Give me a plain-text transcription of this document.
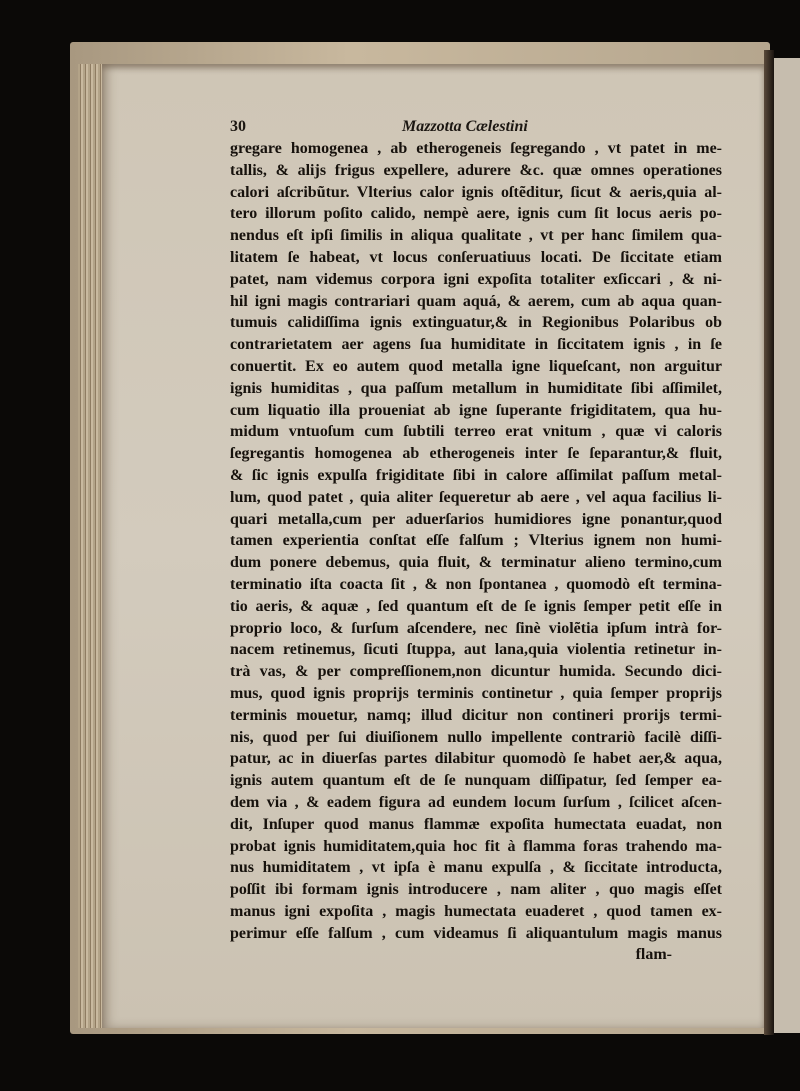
30	Mazzotta Cælestini
gregare homogenea , ab etherogeneis ſegregando , vt patet in me-
tallis, & alijs frigus expellere, adurere &c. quæ omnes operationes
calori aſcribũtur. Vlterius calor ignis oſtẽditur, ſicut & aeris,quia al-
tero illorum poſito calido, nempè aere, ignis cum ſit locus aeris po-
nendus eſt ipſi ſimilis in aliqua qualitate , vt per hanc ſimilem qua-
litatem ſe habeat, vt locus conſeruatiuus locati. De ſiccitate etiam
patet, nam videmus corpora igni expoſita totaliter exſiccari , & ni-
hil igni magis contrariari quam aquá, & aerem, cum ab aqua quan-
tumuis calidiſſima ignis extinguatur,& in Regionibus Polaribus ob
contrarietatem aer agens ſua humiditate in ſiccitatem ignis , in ſe
conuertit. Ex eo autem quod metalla igne liqueſcant, non arguitur
ignis humiditas , qua paſſum metallum in humiditate ſibi aſſimilet,
cum liquatio illa proueniat ab igne ſuperante frigiditatem, qua hu-
midum vntuoſum cum ſubtili terreo erat vnitum , quæ vi caloris
ſegregantis homogenea ab etherogeneis inter ſe ſeparantur,& fluit,
& ſic ignis expulſa frigiditate ſibi in calore aſſimilat paſſum metal-
lum, quod patet , quia aliter ſequeretur ab aere , vel aqua facilius li-
quari metalla,cum per aduerſarios humidiores igne ponantur,quod
tamen experientia conſtat eſſe falſum ; Vlterius ignem non humi-
dum ponere debemus, quia fluit, & terminatur alieno termino,cum
terminatio iſta coacta ſit , & non ſpontanea , quomodò eſt termina-
tio aeris, & aquæ , ſed quantum eſt de ſe ignis ſemper petit eſſe in
proprio loco, & ſurſum aſcendere, nec ſinè violẽtia ipſum intrà for-
nacem retinemus, ſicuti ſtuppa, aut lana,quia violentia retinetur in-
trà vas, & per compreſſionem,non dicuntur humida. Secundo dici-
mus, quod ignis proprijs terminis continetur , quia ſemper proprijs
terminis mouetur, namq; illud dicitur non contineri prorijs termi-
nis, quod per ſui diuiſionem nullo impellente contrariò facilè diſſi-
patur, ac in diuerſas partes dilabitur quomodò ſe habet aer,& aqua,
ignis autem quantum eſt de ſe nunquam diſſipatur, ſed ſemper ea-
dem via , & eadem figura ad eundem locum ſurſum , ſcilicet aſcen-
dit, Inſuper quod manus flammæ expoſita humectata euadat, non
probat ignis humiditatem,quia hoc fit à flamma foras trahendo ma-
nus humiditatem , vt ipſa è manu expulſa , & ſiccitate introducta,
poſſit ibi formam ignis introducere , nam aliter , quo magis eſſet
manus igni expoſita , magis humectata euaderet , quod tamen ex-
perimur eſſe falſum , cum videamus ſi aliquantulum magis manus
flam-
